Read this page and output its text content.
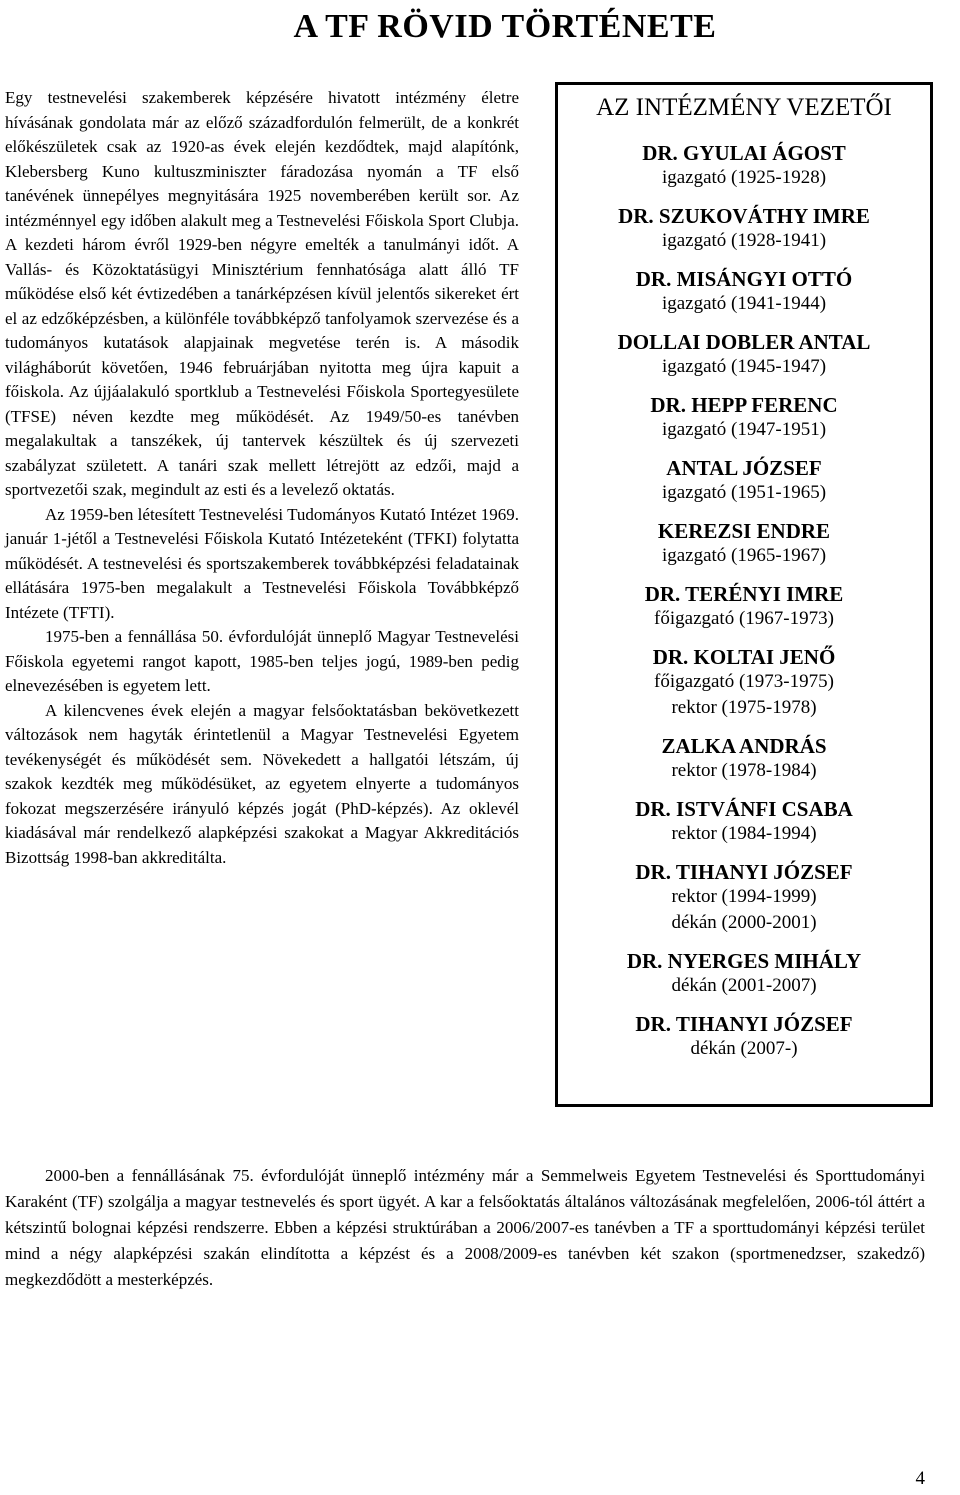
A TF RÖVID TÖRTÉNETE

Egy testnevelési szakemberek képzésére hivatott intézmény életre hívásának gondolata már az előző századfordulón felmerült, de a konkrét előkészületek csak az 1920-as évek elején kezdődtek, majd alapítónk, Klebersberg Kuno kultuszminiszter fáradozása nyomán a TF első tanévének ünnepélyes megnyitására 1925 novemberében került sor. Az intézménnyel egy időben alakult meg a Testnevelési Főiskola Sport Clubja. A kezdeti három évről 1929-ben négyre emelték a tanulmányi időt. A Vallás- és Közoktatásügyi Minisztérium fennhatósága alatt álló TF működése első két évtizedében a tanárképzésen kívül jelentős sikereket ért el az edzőképzésben, a különféle továbbképző tanfolyamok szervezése és a tudományos kutatások alapjainak megvetése terén is. A második világháborút követően, 1946 februárjában nyitotta meg újra kapuit a főiskola. Az újjáalakuló sportklub a Testnevelési Főiskola Sportegyesülete (TFSE) néven kezdte meg működését. Az 1949/50-es tanévben megalakultak a tanszékek, új tantervek készültek és új szervezeti szabályzat született. A tanári szak mellett létrejött az edzői, majd a sportvezetői szak, megindult az esti és a levelező oktatás.

Az 1959-ben létesített Testnevelési Tudományos Kutató Intézet 1969. január 1-jétől a Testnevelési Főiskola Kutató Intézeteként (TFKI) folytatta működését. A testnevelési és sportszakemberek továbbképzési feladatainak ellátására 1975-ben megalakult a Testnevelési Főiskola Továbbképző Intézete (TFTI).

1975-ben a fennállása 50. évfordulóját ünneplő Magyar Testnevelési Főiskola egyetemi rangot kapott, 1985-ben teljes jogú, 1989-ben pedig elnevezésében is egyetem lett.

A kilencvenes évek elején a magyar felsőoktatásban bekövetkezett változások nem hagyták érintetlenül a Magyar Testnevelési Egyetem tevékenységét és működését sem. Növekedett a hallgatói létszám, új szakok kezdték meg működésüket, az egyetem elnyerte a tudományos fokozat megszerzésére irányuló képzés jogát (PhD-képzés). Az oklevél kiadásával már rendelkező alapképzési szakokat a Magyar Akkreditációs Bizottság 1998-ban akkreditálta.

AZ INTÉZMÉNY VEZETŐI
DR. GYULAI ÁGOST
igazgató (1925-1928)
DR. SZUKOVÁTHY IMRE
igazgató (1928-1941)
DR. MISÁNGYI OTTÓ
igazgató (1941-1944)
DOLLAI DOBLER ANTAL
igazgató (1945-1947)
DR. HEPP FERENC
igazgató (1947-1951)
ANTAL JÓZSEF
igazgató (1951-1965)
KEREZSI ENDRE
igazgató (1965-1967)
DR. TERÉNYI IMRE
főigazgató (1967-1973)
DR. KOLTAI JENŐ
főigazgató (1973-1975)
rektor (1975-1978)
ZALKA ANDRÁS
rektor (1978-1984)
DR. ISTVÁNFI CSABA
rektor (1984-1994)
DR. TIHANYI JÓZSEF
rektor (1994-1999)
dékán (2000-2001)
DR. NYERGES MIHÁLY
dékán (2001-2007)
DR. TIHANYI JÓZSEF
dékán (2007-)

2000-ben a fennállásának 75. évfordulóját ünneplő intézmény már a Semmelweis Egyetem Testnevelési és Sporttudományi Karaként (TF) szolgálja a magyar testnevelés és sport ügyét. A kar a felsőoktatás általános változásának megfelelően, 2006-tól áttért a kétszintű bolognai képzési rendszerre. Ebben a képzési struktúrában a 2006/2007-es tanévben a TF a sporttudományi képzési terület mind a négy alapképzési szakán elindította a képzést és a 2008/2009-es tanévben két szakon (sportmenedzser, szakedző) megkezdődött a mesterképzés.

4
